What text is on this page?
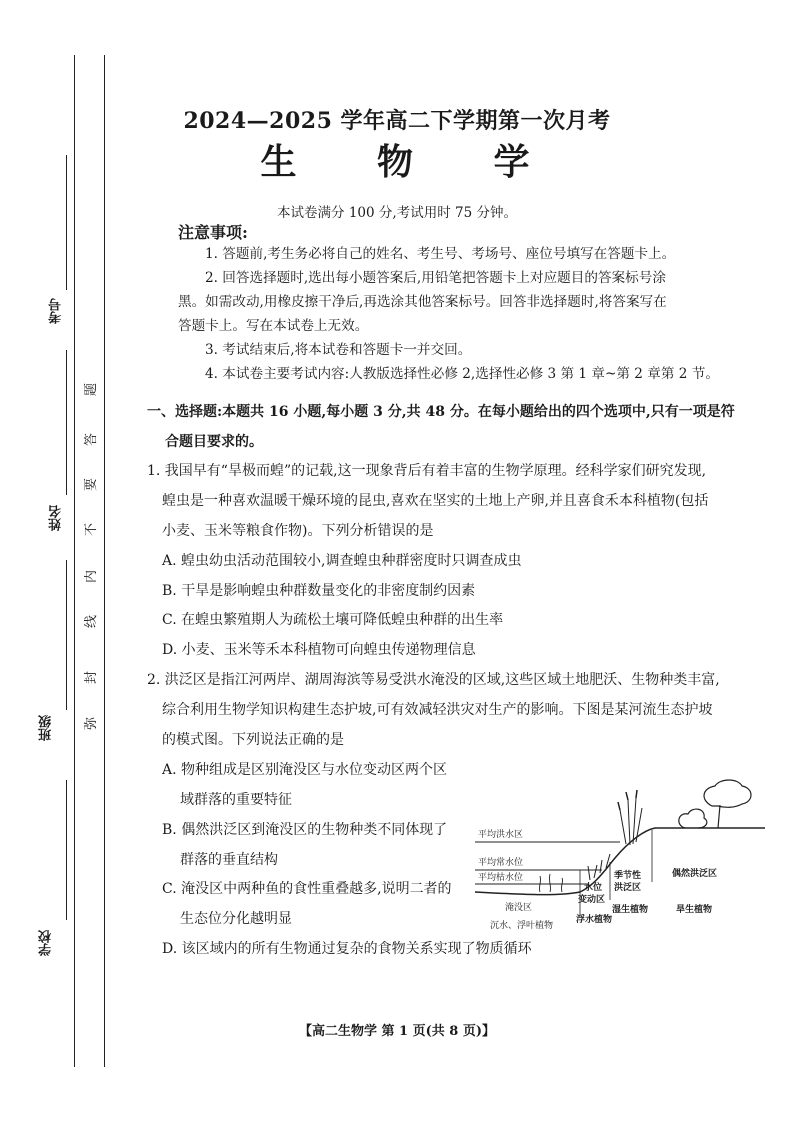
考号
姓名
班级
学校
题
答
要
不
内
线
封
弥
2024—2025 学年高二下学期第一次月考
生 物 学
本试卷满分 100 分,考试用时 75 分钟。
注意事项:
1. 答题前,考生务必将自己的姓名、考生号、考场号、座位号填写在答题卡上。
2. 回答选择题时,选出每小题答案后,用铅笔把答题卡上对应题目的答案标号涂
黑。如需改动,用橡皮擦干净后,再选涂其他答案标号。回答非选择题时,将答案写在
答题卡上。写在本试卷上无效。
3. 考试结束后,将本试卷和答题卡一并交回。
4. 本试卷主要考试内容:人教版选择性必修 2,选择性必修 3 第 1 章~第 2 章第 2 节。
一、选择题:本题共 16 小题,每小题 3 分,共 48 分。在每小题给出的四个选项中,只有一项是符
合题目要求的。
1. 我国早有“旱极而蝗”的记载,这一现象背后有着丰富的生物学原理。经科学家们研究发现,
蝗虫是一种喜欢温暖干燥环境的昆虫,喜欢在坚实的土地上产卵,并且喜食禾本科植物(包括
小麦、玉米等粮食作物)。下列分析错误的是
A. 蝗虫幼虫活动范围较小,调查蝗虫种群密度时只调查成虫
B. 干旱是影响蝗虫种群数量变化的非密度制约因素
C. 在蝗虫繁殖期人为疏松土壤可降低蝗虫种群的出生率
D. 小麦、玉米等禾本科植物可向蝗虫传递物理信息
2. 洪泛区是指江河两岸、湖周海滨等易受洪水淹没的区域,这些区域土地肥沃、生物种类丰富,
综合利用生物学知识构建生态护坡,可有效减轻洪灾对生产的影响。下图是某河流生态护坡
的模式图。下列说法正确的是
A. 物种组成是区别淹没区与水位变动区两个区
域群落的重要特征
B. 偶然洪泛区到淹没区的生物种类不同体现了
群落的垂直结构
C. 淹没区中两种鱼的食性重叠越多,说明二者的
生态位分化越明显
D. 该区域内的所有生物通过复杂的食物关系实现了物质循环
平均洪水区
平均常水位
平均枯水位
淹没区
沉水、浮叶植物
水位
变动区
浮水植物
季节性
洪泛区
湿生植物
偶然洪泛区
旱生植物
【高二生物学 第 1 页(共 8 页)】
